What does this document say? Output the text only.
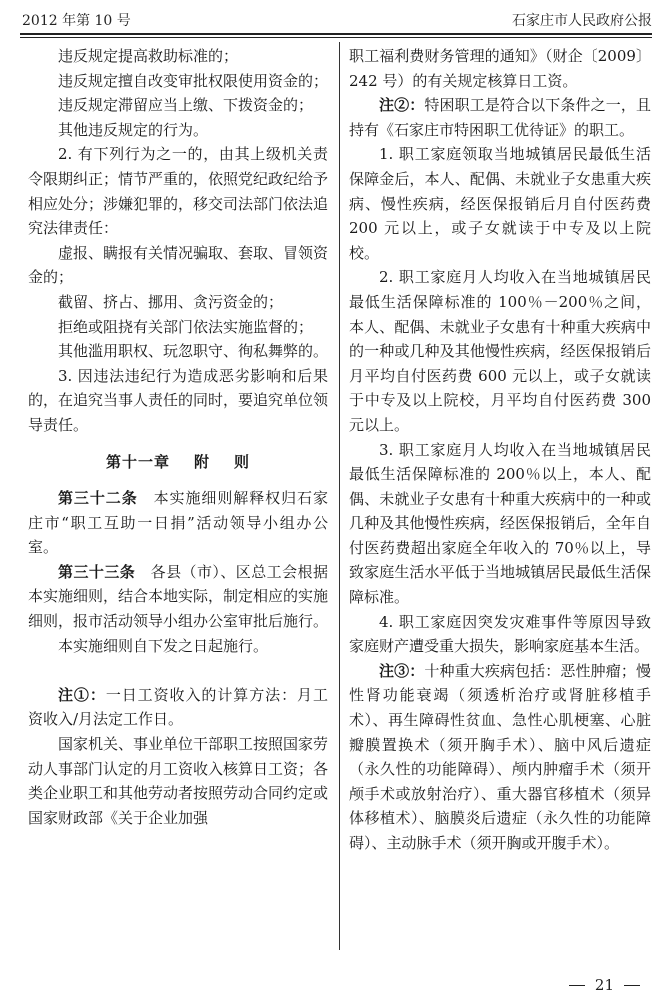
2012 年第 10 号	石家庄市人民政府公报

违反规定提高救助标准的；

违反规定擅自改变审批权限使用资金的；

违反规定滞留应当上缴、下拨资金的；

其他违反规定的行为。

2. 有下列行为之一的，由其上级机关责令限期纠正；情节严重的，依照党纪政纪给予相应处分；涉嫌犯罪的，移交司法部门依法追究法律责任：

虚报、瞒报有关情况骗取、套取、冒领资金的；

截留、挤占、挪用、贪污资金的；

拒绝或阻挠有关部门依法实施监督的；

其他滥用职权、玩忽职守、徇私舞弊的。

3. 因违法违纪行为造成恶劣影响和后果的，在追究当事人责任的同时，要追究单位领导责任。

第十一章 附 则

第三十二条　本实施细则解释权归石家庄市“职工互助一日捐”活动领导小组办公室。

第三十三条　各县（市）、区总工会根据本实施细则，结合本地实际，制定相应的实施细则，报市活动领导小组办公室审批后施行。

本实施细则自下发之日起施行。

注①：一日工资收入的计算方法：月工资收入/月法定工作日。

国家机关、事业单位干部职工按照国家劳动人事部门认定的月工资收入核算日工资；各类企业职工和其他劳动者按照劳动合同约定或国家财政部《关于企业加强

职工福利费财务管理的通知》（财企〔2009〕242 号）的有关规定核算日工资。

注②：特困职工是符合以下条件之一，且持有《石家庄市特困职工优待证》的职工。

1. 职工家庭领取当地城镇居民最低生活保障金后，本人、配偶、未就业子女患重大疾病、慢性疾病，经医保报销后月自付医药费 200 元以上，或子女就读于中专及以上院校。

2. 职工家庭月人均收入在当地城镇居民最低生活保障标准的 100％－200％之间，本人、配偶、未就业子女患有十种重大疾病中的一种或几种及其他慢性疾病，经医保报销后月平均自付医药费 600 元以上，或子女就读于中专及以上院校，月平均自付医药费 300 元以上。

3. 职工家庭月人均收入在当地城镇居民最低生活保障标准的 200％以上，本人、配偶、未就业子女患有十种重大疾病中的一种或几种及其他慢性疾病，经医保报销后，全年自付医药费超出家庭全年收入的 70％以上，导致家庭生活水平低于当地城镇居民最低生活保障标准。

4. 职工家庭因突发灾难事件等原因导致家庭财产遭受重大损失，影响家庭基本生活。

注③：十种重大疾病包括：恶性肿瘤；慢性肾功能衰竭（须透析治疗或肾脏移植手术）、再生障碍性贫血、急性心肌梗塞、心脏瓣膜置换术（须开胸手术）、脑中风后遗症（永久性的功能障碍）、颅内肿瘤手术（须开颅手术或放射治疗）、重大器官移植术（须异体移植术）、脑膜炎后遗症（永久性的功能障碍）、主动脉手术（须开胸或开腹手术）。

21
